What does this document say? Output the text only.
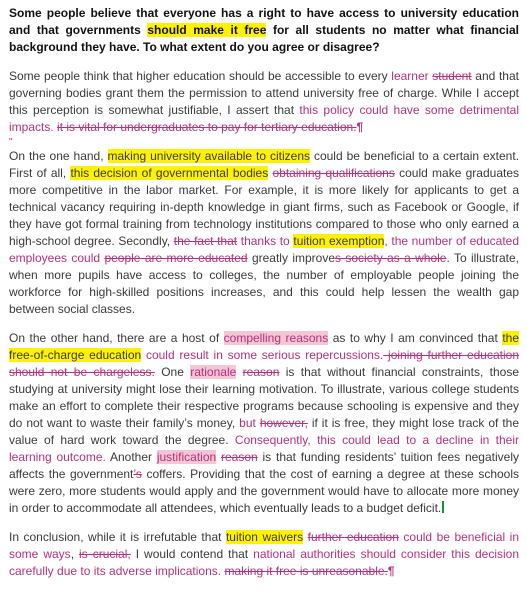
Some people believe that everyone has a right to have access to university education and that governments should make it free for all students no matter what financial background they have. To what extent do you agree or disagree?

Some people think that higher education should be accessible to every learner student and that governing bodies grant them the permission to attend university free of charge. While I accept this perception is somewhat justifiable, I assert that this policy could have some detrimental impacts. it is vital for undergraduates to pay for tertiary education.¶

"

On the one hand, making university available to citizens could be beneficial to a certain extent. First of all, this decision of governmental bodies obtaining qualifications could make graduates more competitive in the labor market. For example, it is more likely for applicants to get a technical vacancy requiring in-depth knowledge in giant firms, such as Facebook or Google, if they have got formal training from technology institutions compared to those who only earned a high-school degree. Secondly, the fact that thanks to tuition exemption, the number of educated employees could people are more educated greatly improves society as a whole. To illustrate, when more pupils have access to colleges, the number of employable people joining the workforce for high-skilled positions increases, and this could help lessen the wealth gap between social classes.

On the other hand, there are a host of compelling reasons as to why I am convinced that the free-of-charge education could result in some serious repercussions. joining further education should not be chargeless. One rationale reason is that without financial constraints, those studying at university might lose their learning motivation. To illustrate, various college students make an effort to complete their respective programs because schooling is expensive and they do not want to waste their family’s money, but however, if it is free, they might lose track of the value of hard work toward the degree. Consequently, this could lead to a decline in their learning outcome. Another justification reason is that funding residents’ tuition fees negatively affects the government’s coffers. Providing that the cost of earning a degree at these schools were zero, more students would apply and the government would have to allocate more money in order to accommodate all attendees, which eventually leads to a budget deficit.

In conclusion, while it is irrefutable that tuition waivers further education could be beneficial in some ways, is crucial, I would contend that national authorities should consider this decision carefully due to its adverse implications. making it free is unreasonable.¶
